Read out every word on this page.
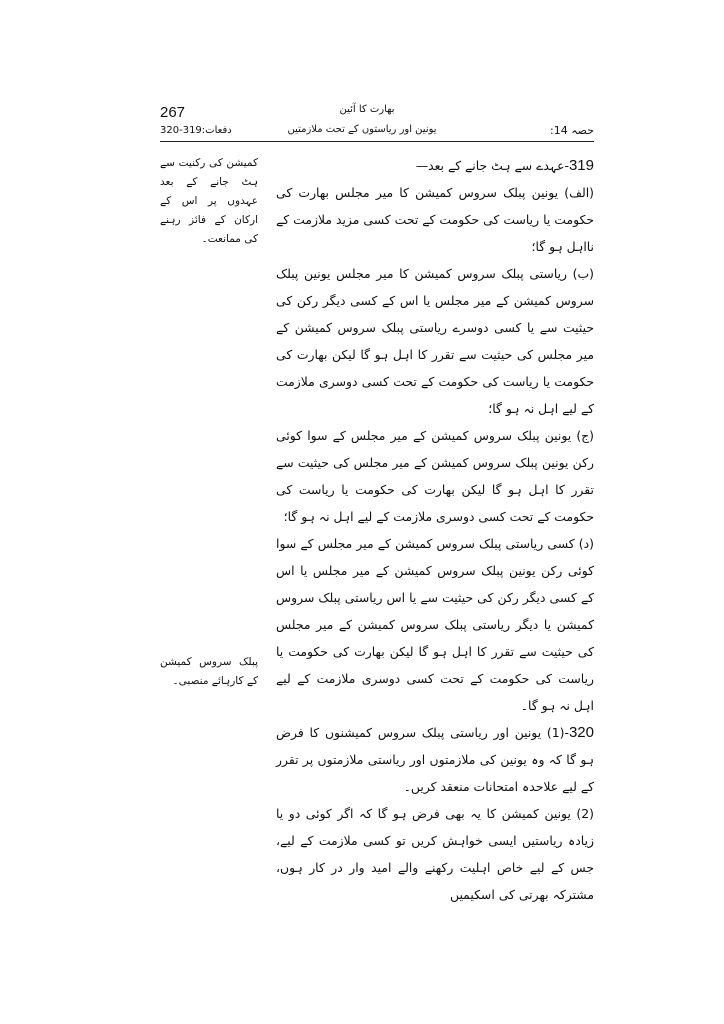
267
دفعات:319-320
بھارت کا آئین
یونین اور ریاستوں کے تحت ملازمتیں	حصہ 14:
کمیشن کی رکنیت سے ہٹ جانے کے بعد عہدوں پر اس کے ارکان کے فائز رہنے کی ممانعت۔
پبلک سروس کمیشن کے کارہائے منصبی۔

319-عہدے سے ہٹ جانے کے بعد—

(الف) یونین پبلک سروس کمیشن کا میر مجلس بھارت کی حکومت یا ریاست کی حکومت کے تحت کسی مزید ملازمت کے نااہل ہو گا؛

(ب) ریاستی پبلک سروس کمیشن کا میر مجلس یونین پبلک سروس کمیشن کے میر مجلس یا اس کے کسی دیگر رکن کی حیثیت سے یا کسی دوسرے ریاستی پبلک سروس کمیشن کے میر مجلس کی حیثیت سے تقرر کا اہل ہو گا لیکن بھارت کی حکومت یا ریاست کی حکومت کے تحت کسی دوسری ملازمت کے لیے اہل نہ ہو گا؛

(ج) یونین پبلک سروس کمیشن کے میر مجلس کے سوا کوئی رکن یونین پبلک سروس کمیشن کے میر مجلس کی حیثیت سے تقرر کا اہل ہو گا لیکن بھارت کی حکومت یا ریاست کی حکومت کے تحت کسی دوسری ملازمت کے لیے اہل نہ ہو گا؛

(د) کسی ریاستی پبلک سروس کمیشن کے میر مجلس کے سوا کوئی رکن یونین پبلک سروس کمیشن کے میر مجلس یا اس کے کسی دیگر رکن کی حیثیت سے یا اس ریاستی پبلک سروس کمیشن یا دیگر ریاستی پبلک سروس کمیشن کے میر مجلس کی حیثیت سے تقرر کا اہل ہو گا لیکن بھارت کی حکومت یا ریاست کی حکومت کے تحت کسی دوسری ملازمت کے لیے اہل نہ ہو گا۔

320-(1) یونین اور ریاستی پبلک سروس کمیشنوں کا فرض ہو گا کہ وہ یونین کی ملازمتوں اور ریاستی ملازمتوں پر تقرر کے لیے علاحدہ امتحانات منعقد کریں۔

(2) یونین کمیشن کا یہ بھی فرض ہو گا کہ اگر کوئی دو یا زیادہ ریاستیں ایسی خواہش کریں تو کسی ملازمت کے لیے، جس کے لیے خاص اہلیت رکھنے والے امید وار در کار ہوں، مشترکہ بھرتی کی اسکیمیں
